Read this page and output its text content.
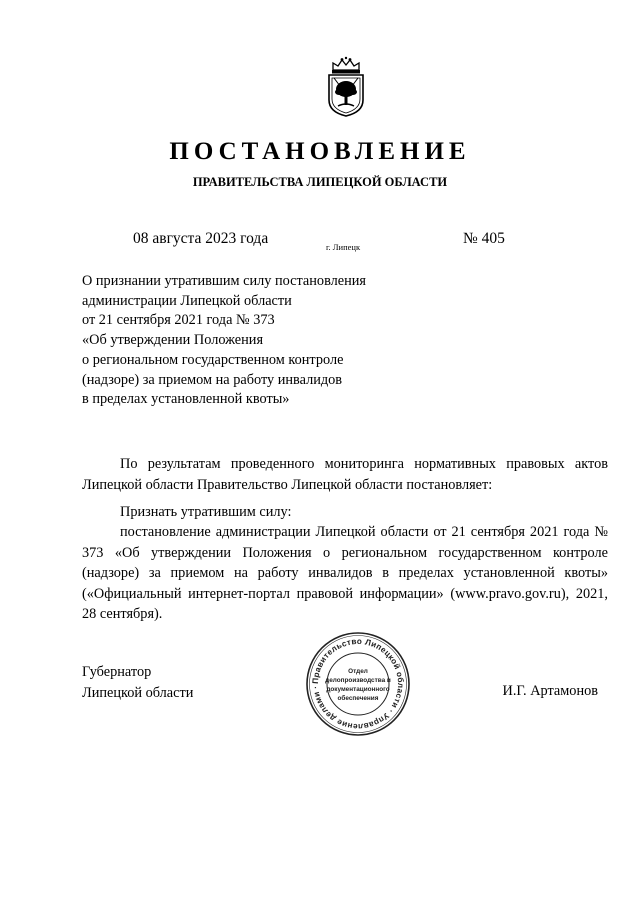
ПОСТАНОВЛЕНИЕ
ПРАВИТЕЛЬСТВА ЛИПЕЦКОЙ ОБЛАСТИ
08 августа 2023 года	г. Липецк	№ 405
О признании утратившим силу постановления
администрации Липецкой области
от 21 сентября 2021 года № 373
«Об утверждении Положения
о региональном государственном контроле
(надзоре) за приемом на работу инвалидов
в пределах установленной квоты»
По результатам проведенного мониторинга нормативных правовых актов Липецкой области Правительство Липецкой области постановляет:
Признать утратившим силу:
постановление администрации Липецкой области от 21 сентября 2021 года № 373 «Об утверждении Положения о региональном государственном контроле (надзоре) за приемом на работу инвалидов в пределах установленной квоты» («Официальный интернет-портал правовой информации» (www.pravo.gov.ru), 2021, 28 сентября).
Губернатор
Липецкой области	И.Г. Артамонов
Правительство Липецкой области · Управление делами ·
Отдел
делопроизводства и
документационного
обеспечения
